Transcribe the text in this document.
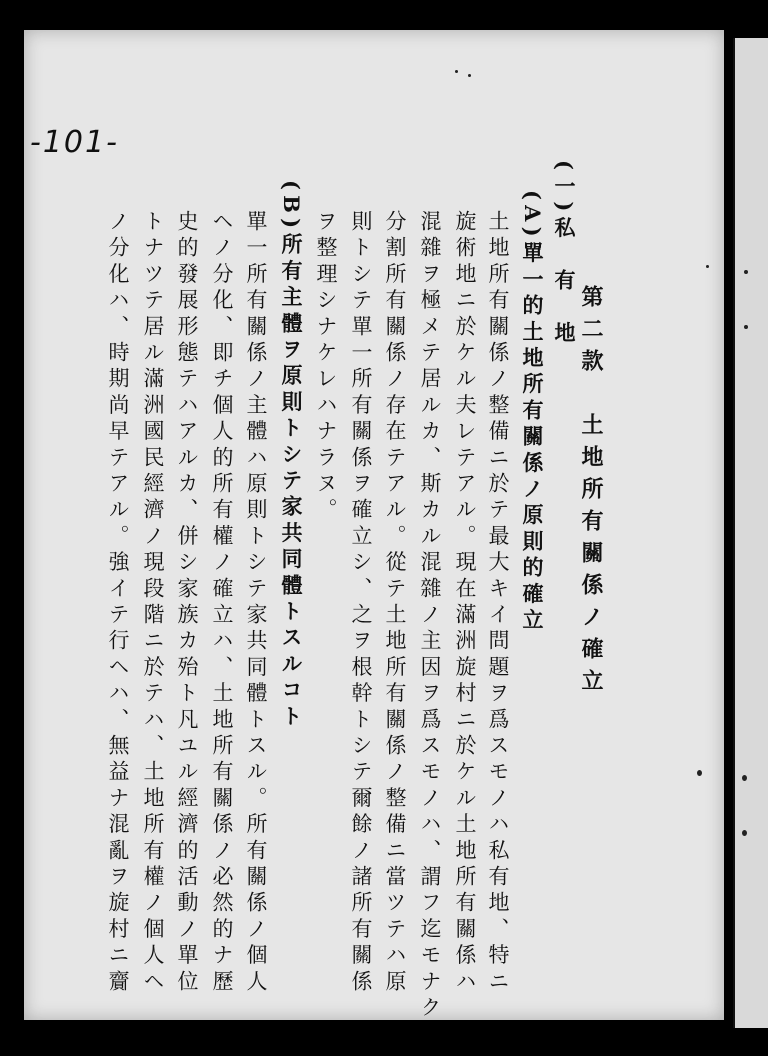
-101-
第二款　土地所有關係ノ確立
(一)私　有　地
(A)單一的土地所有關係ノ原則的確立
土地所有關係ノ整備ニ於テ最大キイ問題ヲ爲スモノハ私有地、特ニ
旋術地ニ於ケル夫レテアル。現在滿洲旋村ニ於ケル土地所有關係ハ
混雜ヲ極メテ居ルカ、斯カル混雜ノ主因ヲ爲スモノハ、謂フ迄モナク
分割所有關係ノ存在テアル。從テ土地所有關係ノ整備ニ當ツテハ原
則トシテ單一所有關係ヲ確立シ、之ヲ根幹トシテ爾餘ノ諸所有關係
ヲ整理シナケレハナラヌ。
(B)所有主體ヲ原則トシテ家共同體トスルコト
單一所有關係ノ主體ハ原則トシテ家共同體トスル。所有關係ノ個人
ヘノ分化、即チ個人的所有權ノ確立ハ、土地所有關係ノ必然的ナ歷
史的發展形態テハアルカ、併シ家族カ殆ト凡ユル經濟的活動ノ單位
トナツテ居ル滿洲國民經濟ノ現段階ニ於テハ、土地所有權ノ個人ヘ
ノ分化ハ、時期尚早テアル。強イテ行ヘハ、無益ナ混亂ヲ旋村ニ齎
